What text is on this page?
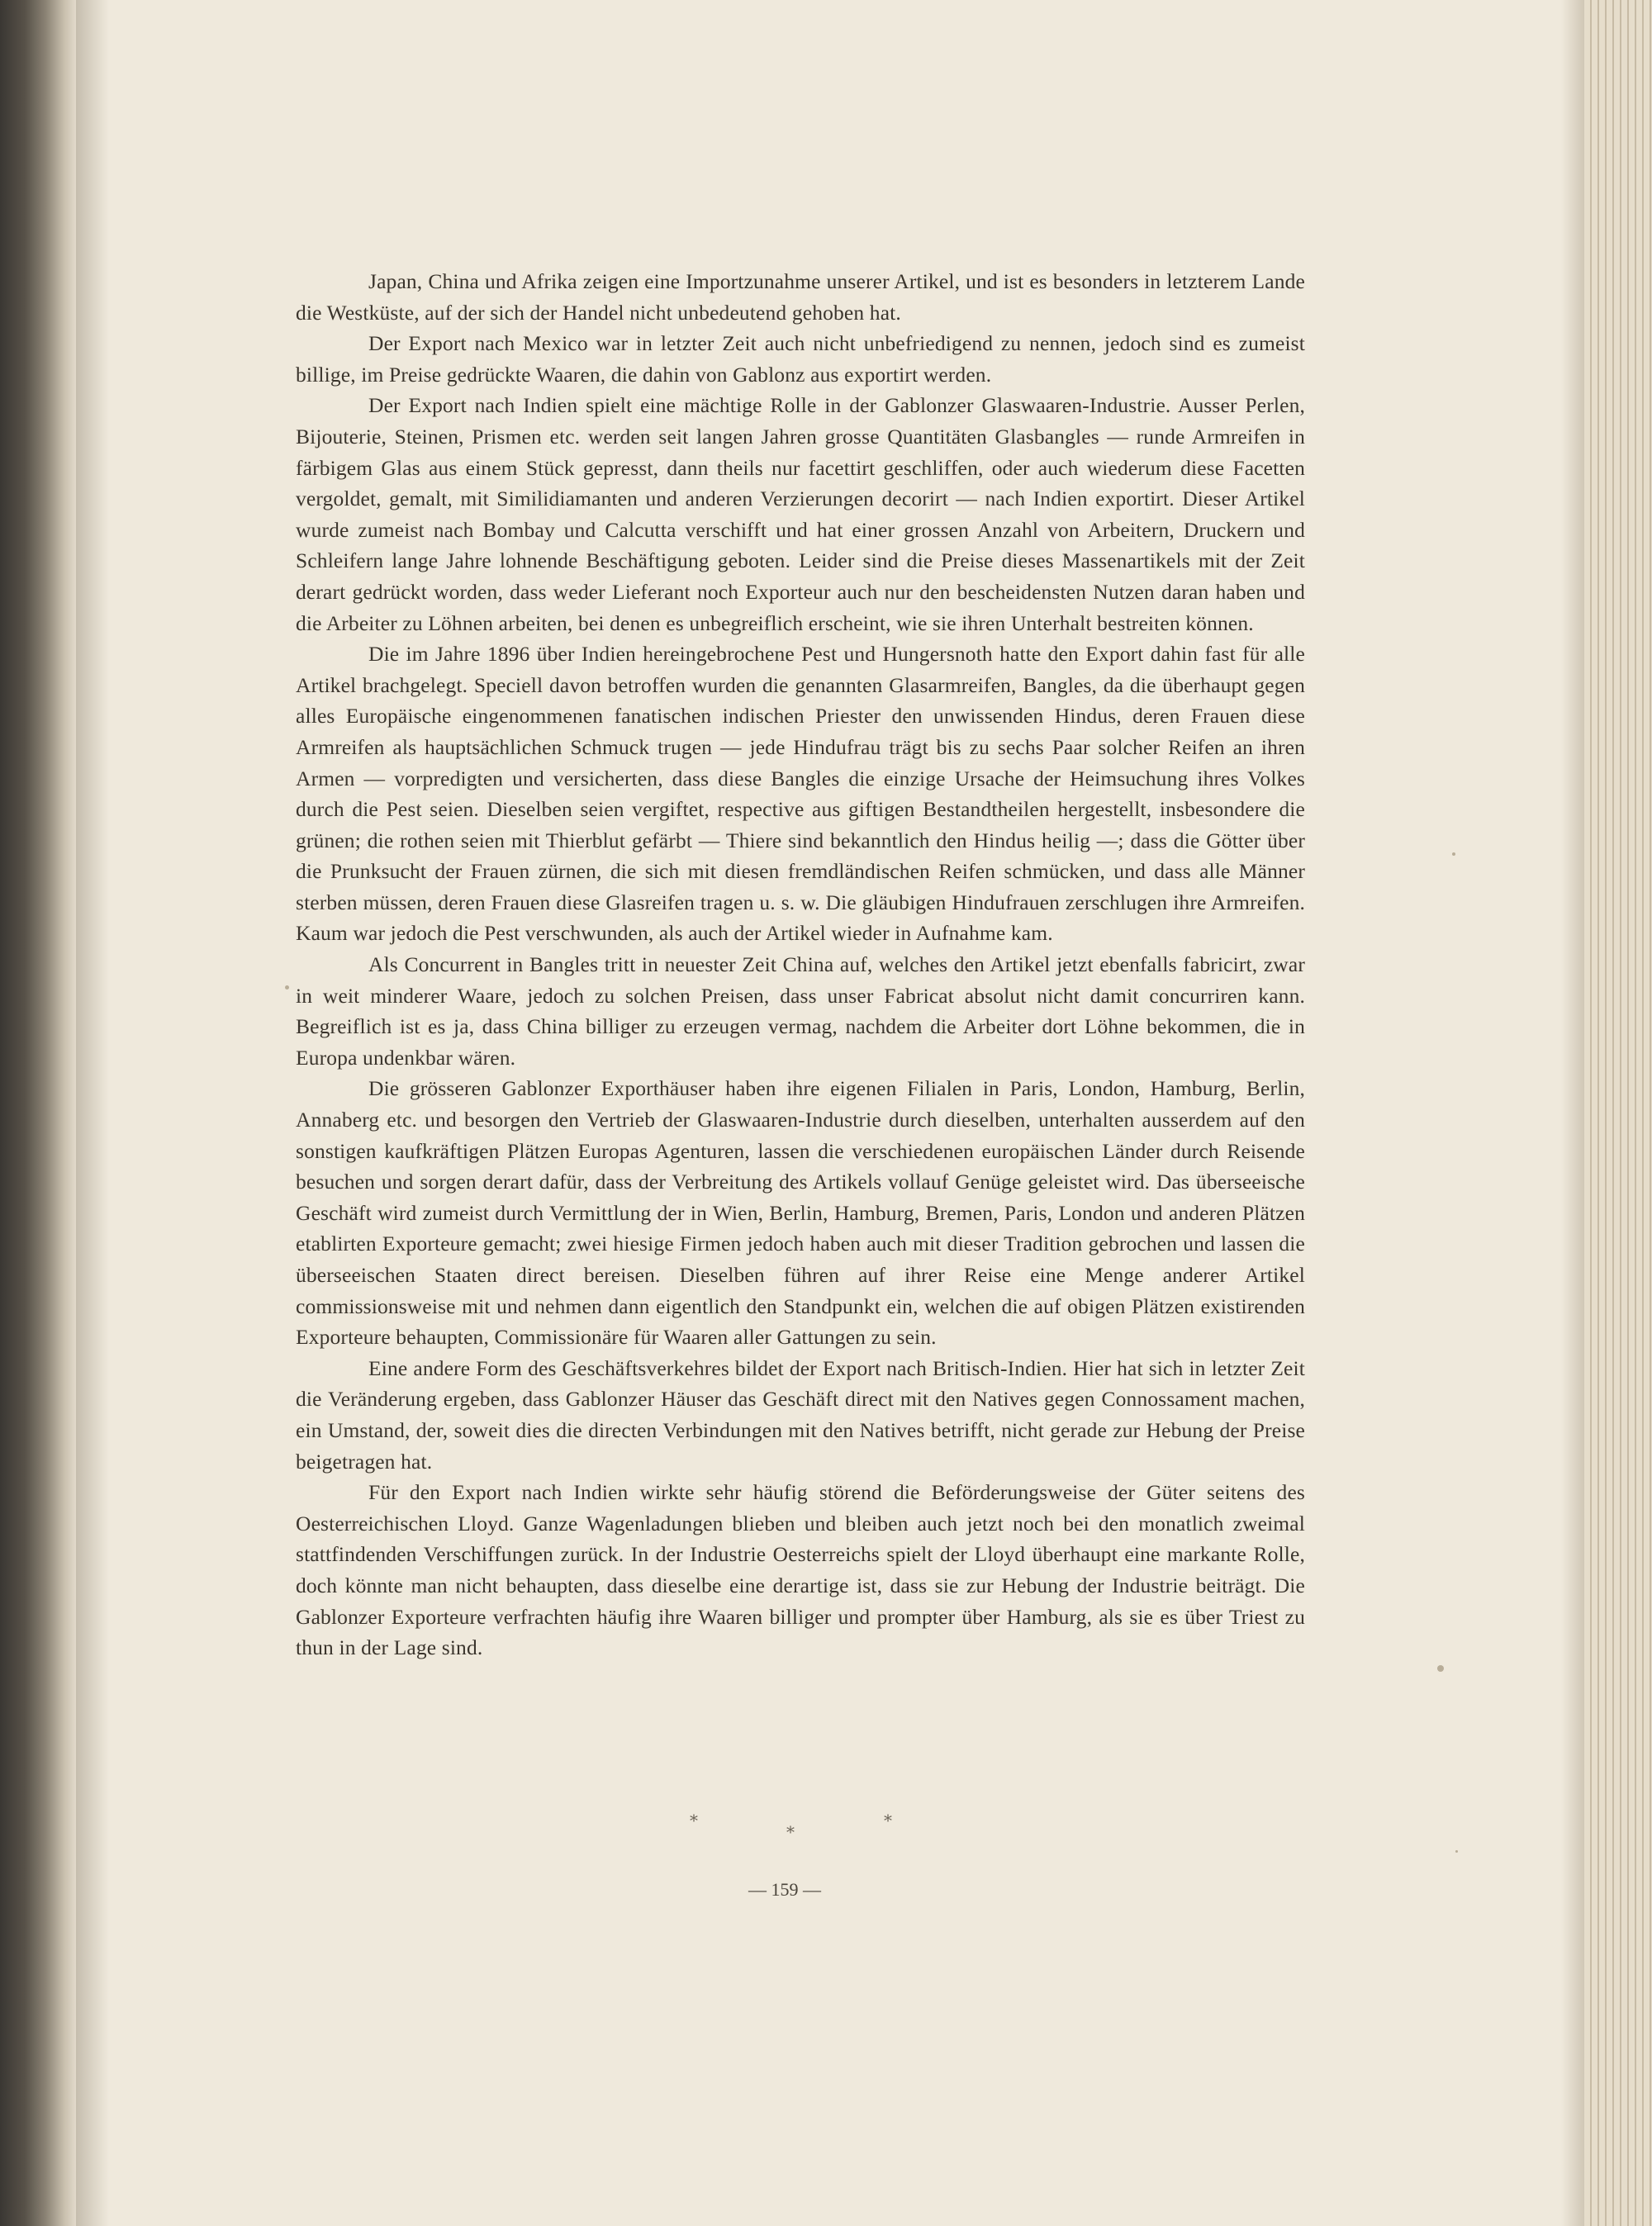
Japan, China und Afrika zeigen eine Importzunahme unserer Artikel, und ist es besonders in letzterem Lande die Westküste, auf der sich der Handel nicht unbedeutend gehoben hat.

Der Export nach Mexico war in letzter Zeit auch nicht unbefriedigend zu nennen, jedoch sind es zumeist billige, im Preise gedrückte Waaren, die dahin von Gablonz aus exportirt werden.

Der Export nach Indien spielt eine mächtige Rolle in der Gablonzer Glaswaaren-Industrie. Ausser Perlen, Bijouterie, Steinen, Prismen etc. werden seit langen Jahren grosse Quantitäten Glasbangles — runde Armreifen in färbigem Glas aus einem Stück gepresst, dann theils nur facettirt geschliffen, oder auch wiederum diese Facetten vergoldet, gemalt, mit Similidiamanten und anderen Verzierungen decorirt — nach Indien exportirt. Dieser Artikel wurde zumeist nach Bombay und Calcutta verschifft und hat einer grossen Anzahl von Arbeitern, Druckern und Schleifern lange Jahre lohnende Beschäftigung geboten. Leider sind die Preise dieses Massenartikels mit der Zeit derart gedrückt worden, dass weder Lieferant noch Exporteur auch nur den bescheidensten Nutzen daran haben und die Arbeiter zu Löhnen arbeiten, bei denen es unbegreiflich erscheint, wie sie ihren Unterhalt bestreiten können.

Die im Jahre 1896 über Indien hereingebrochene Pest und Hungersnoth hatte den Export dahin fast für alle Artikel brachgelegt. Speciell davon betroffen wurden die genannten Glasarmreifen, Bangles, da die überhaupt gegen alles Europäische eingenommenen fanatischen indischen Priester den unwissenden Hindus, deren Frauen diese Armreifen als hauptsächlichen Schmuck trugen — jede Hindufrau trägt bis zu sechs Paar solcher Reifen an ihren Armen — vorpredigten und versicherten, dass diese Bangles die einzige Ursache der Heimsuchung ihres Volkes durch die Pest seien. Dieselben seien vergiftet, respective aus giftigen Bestandtheilen hergestellt, insbesondere die grünen; die rothen seien mit Thierblut gefärbt — Thiere sind bekanntlich den Hindus heilig —; dass die Götter über die Prunksucht der Frauen zürnen, die sich mit diesen fremdländischen Reifen schmücken, und dass alle Männer sterben müssen, deren Frauen diese Glasreifen tragen u. s. w. Die gläubigen Hindufrauen zerschlugen ihre Armreifen. Kaum war jedoch die Pest verschwunden, als auch der Artikel wieder in Aufnahme kam.

Als Concurrent in Bangles tritt in neuester Zeit China auf, welches den Artikel jetzt ebenfalls fabricirt, zwar in weit minderer Waare, jedoch zu solchen Preisen, dass unser Fabricat absolut nicht damit concurriren kann. Begreiflich ist es ja, dass China billiger zu erzeugen vermag, nachdem die Arbeiter dort Löhne bekommen, die in Europa undenkbar wären.

Die grösseren Gablonzer Exporthäuser haben ihre eigenen Filialen in Paris, London, Hamburg, Berlin, Annaberg etc. und besorgen den Vertrieb der Glaswaaren-Industrie durch dieselben, unterhalten ausserdem auf den sonstigen kaufkräftigen Plätzen Europas Agenturen, lassen die verschiedenen europäischen Länder durch Reisende besuchen und sorgen derart dafür, dass der Verbreitung des Artikels vollauf Genüge geleistet wird. Das überseeische Geschäft wird zumeist durch Vermittlung der in Wien, Berlin, Hamburg, Bremen, Paris, London und anderen Plätzen etablirten Exporteure gemacht; zwei hiesige Firmen jedoch haben auch mit dieser Tradition gebrochen und lassen die überseeischen Staaten direct bereisen. Dieselben führen auf ihrer Reise eine Menge anderer Artikel commissionsweise mit und nehmen dann eigentlich den Standpunkt ein, welchen die auf obigen Plätzen existirenden Exporteure behaupten, Commissionäre für Waaren aller Gattungen zu sein.

Eine andere Form des Geschäftsverkehres bildet der Export nach Britisch-Indien. Hier hat sich in letzter Zeit die Veränderung ergeben, dass Gablonzer Häuser das Geschäft direct mit den Natives gegen Connossament machen, ein Umstand, der, soweit dies die directen Verbindungen mit den Natives betrifft, nicht gerade zur Hebung der Preise beigetragen hat.

Für den Export nach Indien wirkte sehr häufig störend die Beförderungsweise der Güter seitens des Oesterreichischen Lloyd. Ganze Wagenladungen blieben und bleiben auch jetzt noch bei den monatlich zweimal stattfindenden Verschiffungen zurück. In der Industrie Oesterreichs spielt der Lloyd überhaupt eine markante Rolle, doch könnte man nicht behaupten, dass dieselbe eine derartige ist, dass sie zur Hebung der Industrie beiträgt. Die Gablonzer Exporteure verfrachten häufig ihre Waaren billiger und prompter über Hamburg, als sie es über Triest zu thun in der Lage sind.

*
*
*
— 159 —
